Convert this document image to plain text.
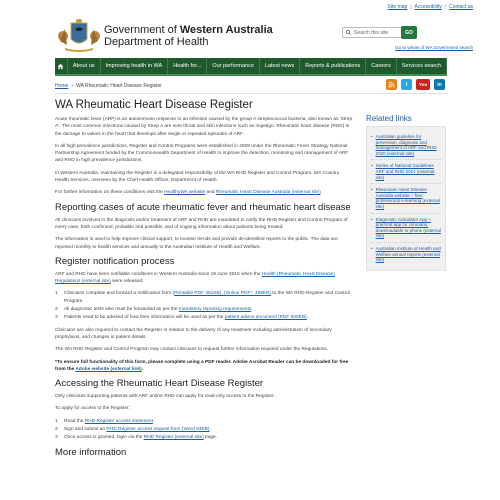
Site map | Accessibility | Contact us
Government of Western Australia
Department of Health
Search this site	GO
Go to whole of WA Government search
About us	Improving health in WA	Health for...	Our performance	Latest news	Reports & publications	Careers	Services search
Home › WA Rheumatic Heart Disease Register	t	You	in
WA Rheumatic Heart Disease Register

Acute rheumatic fever (ARF) is an autoimmune response to an infection caused by the group A streptococcus bacteria, also known as 'Strep A'. The most common infections caused by Strep A are sore throat and skin infections such as impetigo. Rheumatic heart disease (RHD) is the damage to valves in the heart that develops after single or repeated episodes of ARF.

In all high prevalence jurisdictions, Register and Control Programs were established in 2009 under the Rheumatic Fever Strategy National Partnership Agreement funded by the Commonwealth Department of Health to improve the detection, monitoring and management of ARF and RHD in high prevalence jurisdictions.

In Western Australia, maintaining the Register is a delegated responsibility of the WA RHD Register and Control Program, WA Country Health Services, overseen by the Chief Health Officer, Department of Health.

For further information on these conditions visit the HealthyWA website and Rheumatic Heart Disease Australia (external site).

Reporting cases of acute rheumatic fever and rheumatic heart disease

All clinicians involved in the diagnosis and/or treatment of ARF and RHD are mandated to notify the RHD Register and Control Program of every case, both confirmed, probable and possible, and of ongoing information about patients being treated.

The information is used to help improve clinical support, to monitor trends and provide de-identified reports to the public. The data are reported monthly to health services and annually to the Australian Institute of Health and Welfare.

Register notification process

ARF and RHD have been notifiable conditions in Western Australia since 19 June 2015 when the Health (Rheumatic Heart Disease) Regulations (external site) were released:

1 Clinicians complete and forward a notification form (Printable PDF 381KB), (Online PDF*, 499KB) to the WA RHD Register and Control Program.
2 All diagnostic tests also must be forwarded as per the mandatory reporting requirements.
3 Patients need to be advised of how their information will be used as per the patient advice document (PDF 500KB).

Clinicians are also required to contact the Register in relation to the delivery of any treatment including administration of secondary prophylaxis, and changes in patient details.

The WA RHD Register and Control Program may contact clinicians to request further information required under the Regulations.

*To ensure full functionality of this form, please complete using a PDF reader. Adobe Acrobat Reader can be downloaded for free from the Adobe website (external link).

Accessing the Rheumatic Heart Disease Register

Only clinicians supporting patients with ARF and/or RHD can apply for read-only access to the Register.

To apply for access to the Register:

1 Read the RHD Register access statement.
2 Sign and submit an RHD Register access request form (Word 93KB).
3 Once access is granted, login via the RHD Register (external site) page.
More information
Related links
• Australian guideline for prevention, diagnosis and management of ARF and RHD 2020 (external site)
• Series of National Guidelines ARF and RHD 2014 (external site)
• Rheumatic Heart Disease Australia website – free professional e-learning (external site)
• Diagnostic Calculator App – practical app for clinicians, downloadable to phone (external site)
• Australian Institute of Health and Welfare annual reports (external site)
